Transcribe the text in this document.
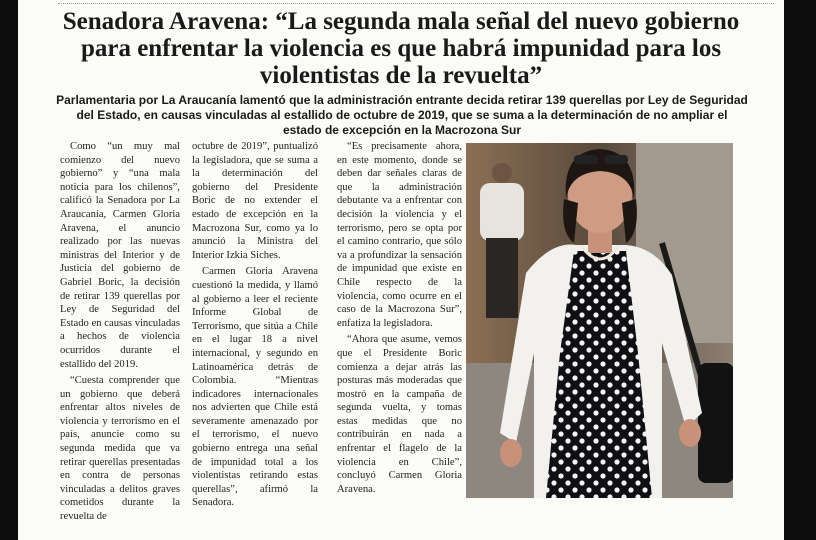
Senadora Aravena: “La segunda mala señal del nuevo gobierno para enfrentar la violencia es que habrá impunidad para los violentistas de la revuelta”

Parlamentaria por La Araucanía lamentó que la administración entrante decida retirar 139 querellas por Ley de Seguridad del Estado, en causas vinculadas al estallido de octubre de 2019, que se suma a la determinación de no ampliar el estado de excepción en la Macrozona Sur

Como “un muy mal comienzo del nuevo gobierno” y “una mala noticia para los chilenos”, calificó la Senadora por La Araucanía, Carmen Gloria Aravena, el anuncio realizado por las nuevas ministras del Interior y de Justicia del gobierno de Gabriel Boric, la decisión de retirar 139 querellas por Ley de Seguridad del Estado en causas vinculadas a hechos de violencia ocurridos durante el estallido del 2019.

“Cuesta comprender que un gobierno que deberá enfrentar altos niveles de violencia y terrorismo en el país, anuncie como su segunda medida que va retirar querellas presentadas en contra de personas vinculadas a delitos graves cometidos durante la revuelta de

octubre de 2019”, puntualizó la legisladora, que se suma a la determinación del gobierno del Presidente Boric de no extender el estado de excepción en la Macrozona Sur, como ya lo anunció la Ministra del Interior Izkia Siches.

Carmen Gloria Aravena cuestionó la medida, y llamó al gobierno a leer el reciente Informe Global de Terrorismo, que sitúa a Chile en el lugar 18 a nivel internacional, y segundo en Latinoamérica detrás de Colombia. “Mientras indicadores internacionales nos advierten que Chile está severamente amenazado por el terrorismo, el nuevo gobierno entrega una señal de impunidad total a los violentistas retirando estas querellas”, afirmó la Senadora.

“Es precisamente ahora, en este momento, donde se deben dar señales claras de que la administración debutante va a enfrentar con decisión la violencia y el terrorismo, pero se opta por el camino contrario, que sólo va a profundizar la sensación de impunidad que existe en Chile respecto de la violencia, como ocurre en el caso de la Macrozona Sur”, enfatiza la legisladora.

“Ahora que asume, vemos que el Presidente Boric comienza a dejar atrás las posturas más moderadas que mostró en la campaña de segunda vuelta, y tomas estas medidas que no contribuirán en nada a enfrentar el flagelo de la violencia en Chile”, concluyó Carmen Gloria Aravena.
